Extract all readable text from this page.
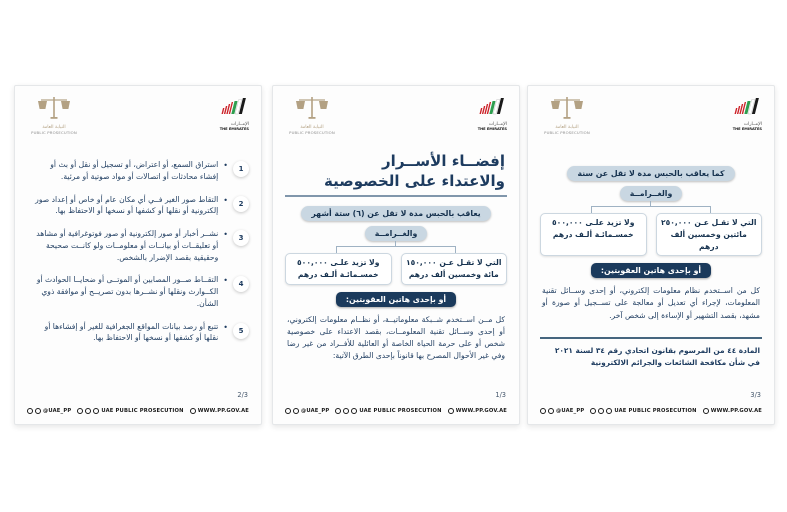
النيابة العامة
PUBLIC PROSECUTION
الإمــارات
THE EMIRATES
1
•
استراق السمع، أو اعتراض، أو تسجيل أو نقل أو بث أو إفشاء محادثات أو اتصالات أو مواد صوتية أو مرئية.
2
•
التقاط صور الغير فــي أي مكان عام أو خاص أو إعداد صور إلكترونية أو نقلها أو كشفها أو نسخها أو الاحتفاظ بها.
3
•
نشــر أخبار أو صور إلكترونية أو صور فوتوغرافية أو مشاهد أو تعليقــات أو بيانــات أو معلومــات ولو كانــت صحيحة وحقيقية بقصد الإضرار بالشخص.
4
•
التقــاط صــور المصابين أو الموتــى أو ضحايــا الحوادث أو الكــوارث ونقلها أو نشــرها بدون تصريــح أو موافقة ذوي الشأن.
5
•
تتبع أو رصد بيانات المواقع الجغرافية للغير أو إفشاءها أو نقلها أو كشفها أو نسخها أو الاحتفاظ بها.
2/3
@UAE_PP	UAE PUBLIC PROSECUTION	WWW.PP.GOV.AE
النيابة العامة
PUBLIC PROSECUTION
الإمــارات
THE EMIRATES
إفضــاء الأســرار
والاعتداء على الخصوصية
يعاقب بالحبس مدة لا تقل عن (٦) ستة أشهر
والغــرامــة
التي لا تقـل عـن ١٥٠,٠٠٠
مائة وخمسين ألف درهم
ولا تزيد علـى ٥٠٠,٠٠٠
خمسـمائـة ألـف درهم
أو بإحدى هاتين العقوبتين:

كل مــن اســتخدم شــبكة معلوماتيــة، أو نظــام معلومات إلكتروني، أو إحدى وســائل تقنية المعلومــات، بقصد الاعتداء على خصوصية شخص أو على حرمة الحياة الخاصة أو العائلية للأفــراد من غير رضا وفي غير الأحوال المصرح بها قانوناً بإحدى الطرق الآتية:

1/3
@UAE_PP	UAE PUBLIC PROSECUTION	WWW.PP.GOV.AE
النيابة العامة
PUBLIC PROSECUTION
الإمــارات
THE EMIRATES
كما يعاقب بالحبس مدة لا تقل عن سنة
والغــرامــة
التي لا تقـل عـن ٢٥٠,٠٠٠
مائتين وخمسين ألف درهم
ولا تزيد علـى ٥٠٠,٠٠٠
خمسـمائـة ألـف درهم
أو بإحدى هاتين العقوبتين:

كل من اســتخدم نظام معلومات إلكتروني، أو إحدى وســائل تقنية المعلومات، لإجراء أي تعديل أو معالجة على تســجيل أو صورة أو مشهد، بقصد التشهير أو الإساءة إلى شخص آخر.

المادة ٤٤ من المرسوم بقانون اتحادي رقم ٣٤ لسنة ٢٠٢١
في شأن مكافحة الشائعات والجرائم الالكترونية
3/3
@UAE_PP	UAE PUBLIC PROSECUTION	WWW.PP.GOV.AE
